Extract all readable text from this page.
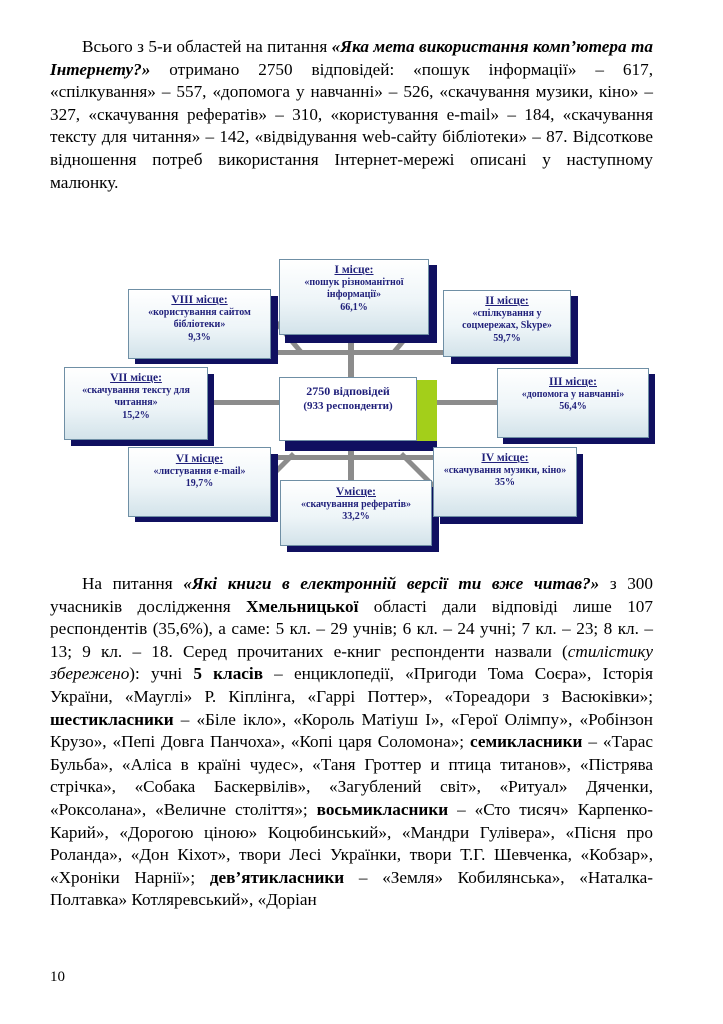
Всього з 5-и областей на питання «Яка мета використання комп’ютера та Інтернету?» отримано 2750 відповідей: «пошук інформації» – 617, «спілкування» – 557, «допомога у навчанні» – 526, «скачування музики, кіно» – 327, «скачування рефератів» – 310, «користування e-mail» – 184, «скачування тексту для читання» – 142, «відвідування web-сайту бібліотеки» – 87. Відсоткове відношення потреб використання Інтернет-мережі описані у наступному малюнку.

2750 відповідей
(933 респонденти)
І місце:
«пошук різноманітної інформації»
66,1%
ІІ місце:
«спілкування у соцмережах, Skype»
59,7%
ІІІ місце:
«допомога у навчанні»
56,4%
IV місце:
«скачування музики, кіно»
35%
Vмісце:
«скачування рефератів»
33,2%
VІ місце:
«листування e-mail»
19,7%
VІІ місце:
«скачування тексту для читання»
15,2%
VІІІ місце:
«користування сайтом бібліотеки»
9,3%

На питання «Які книги в електронній версії ти вже читав?» з 300 учасників дослідження Хмельницької області дали відповіді лише 107 респондентів (35,6%), а саме: 5 кл. – 29 учнів; 6 кл. – 24 учні; 7 кл. – 23; 8 кл. – 13; 9 кл. – 18. Серед прочитаних е-книг респонденти назвали (стилістику збережено): учні 5 класів – енциклопедії, «Пригоди Тома Соєра», Історія України, «Мауглі» Р. Кіплінга, «Гаррі Поттер», «Тореадори з Васюківки»; шестикласники – «Біле ікло», «Король Матіуш І», «Герої Олімпу», «Робінзон Крузо», «Пепі Довга Панчоха», «Копі царя Соломона»; семикласники – «Тарас Бульба», «Аліса в країні чудес», «Таня Гроттер и птица титанов», «Пістрява стрічка», «Собака Баскервілів», «Загублений світ», «Ритуал» Дяченки, «Роксолана», «Величне століття»; восьмикласники – «Сто тисяч» Карпенко-Карий», «Дорогою ціною» Коцюбинський», «Мандри Гулівера», «Пісня про Роланда», «Дон Кіхот», твори Лесі Українки, твори Т.Г. Шевченка, «Кобзар», «Хроніки Нарнії»; дев’ятикласники – «Земля» Кобилянська», «Наталка-Полтавка» Котляревський», «Доріан

10
